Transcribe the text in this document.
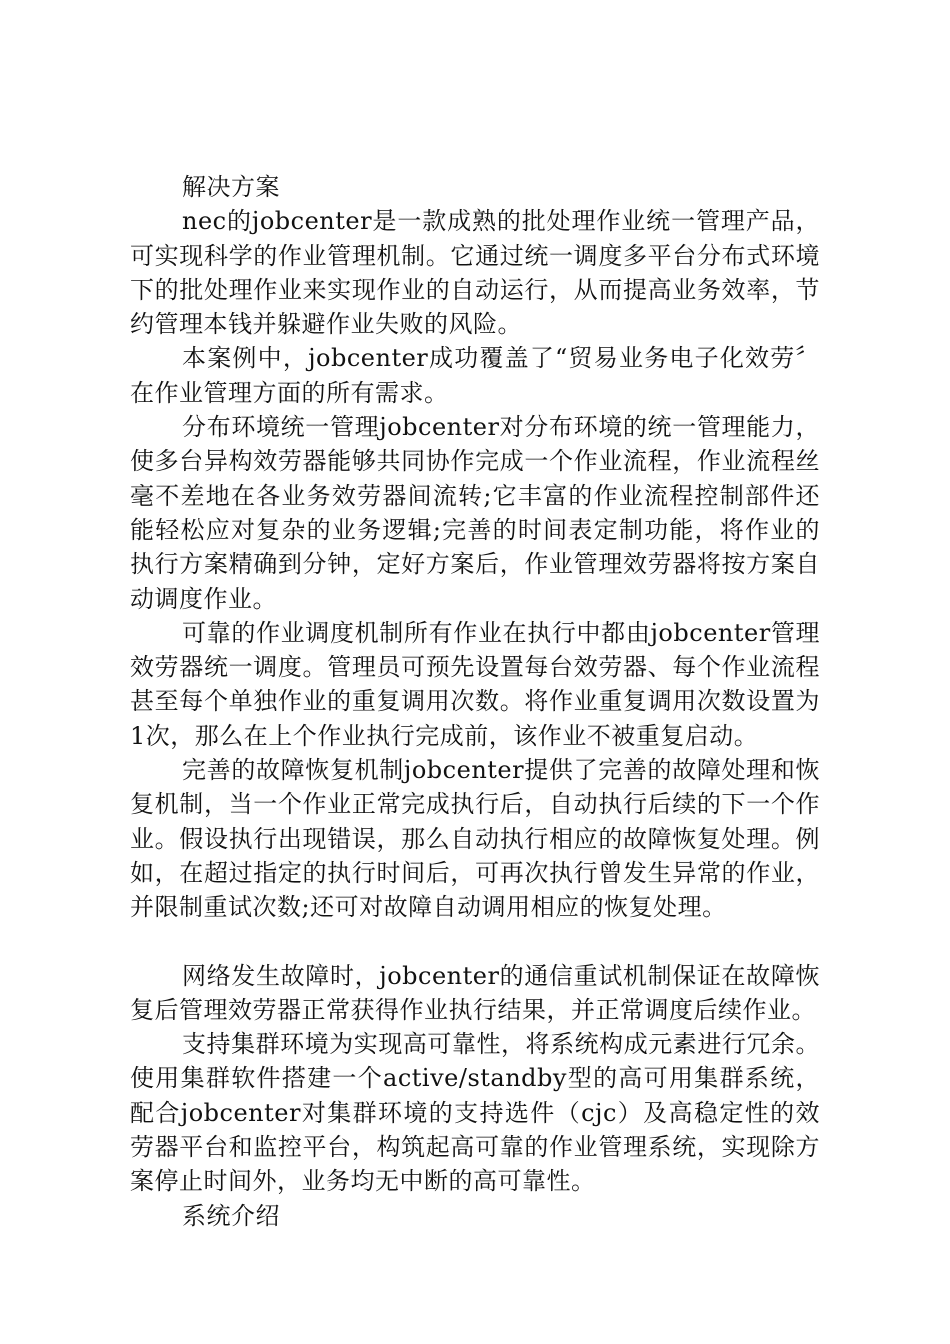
解决方案

nec的jobcenter是一款成熟的批处理作业统一管理产品，可实现科学的作业管理机制。它通过统一调度多平台分布式环境下的批处理作业来实现作业的自动运行，从而提高业务效率，节约管理本钱并躲避作业失败的风险。

本案例中，jobcenter成功覆盖了“贸易业务电子化效劳〞在作业管理方面的所有需求。

分布环境统一管理jobcenter对分布环境的统一管理能力，使多台异构效劳器能够共同协作完成一个作业流程，作业流程丝毫不差地在各业务效劳器间流转;它丰富的作业流程控制部件还能轻松应对复杂的业务逻辑;完善的时间表定制功能，将作业的执行方案精确到分钟，定好方案后，作业管理效劳器将按方案自动调度作业。

可靠的作业调度机制所有作业在执行中都由jobcenter管理效劳器统一调度。管理员可预先设置每台效劳器、每个作业流程甚至每个单独作业的重复调用次数。将作业重复调用次数设置为1次，那么在上个作业执行完成前，该作业不被重复启动。

完善的故障恢复机制jobcenter提供了完善的故障处理和恢复机制，当一个作业正常完成执行后，自动执行后续的下一个作业。假设执行出现错误，那么自动执行相应的故障恢复处理。例如，在超过指定的执行时间后，可再次执行曾发生异常的作业，并限制重试次数;还可对故障自动调用相应的恢复处理。

网络发生故障时，jobcenter的通信重试机制保证在故障恢复后管理效劳器正常获得作业执行结果，并正常调度后续作业。

支持集群环境为实现高可靠性，将系统构成元素进行冗余。使用集群软件搭建一个active/standby型的高可用集群系统，配合jobcenter对集群环境的支持选件（cjc）及高稳定性的效劳器平台和监控平台，构筑起高可靠的作业管理系统，实现除方案停止时间外，业务均无中断的高可靠性。

系统介绍
